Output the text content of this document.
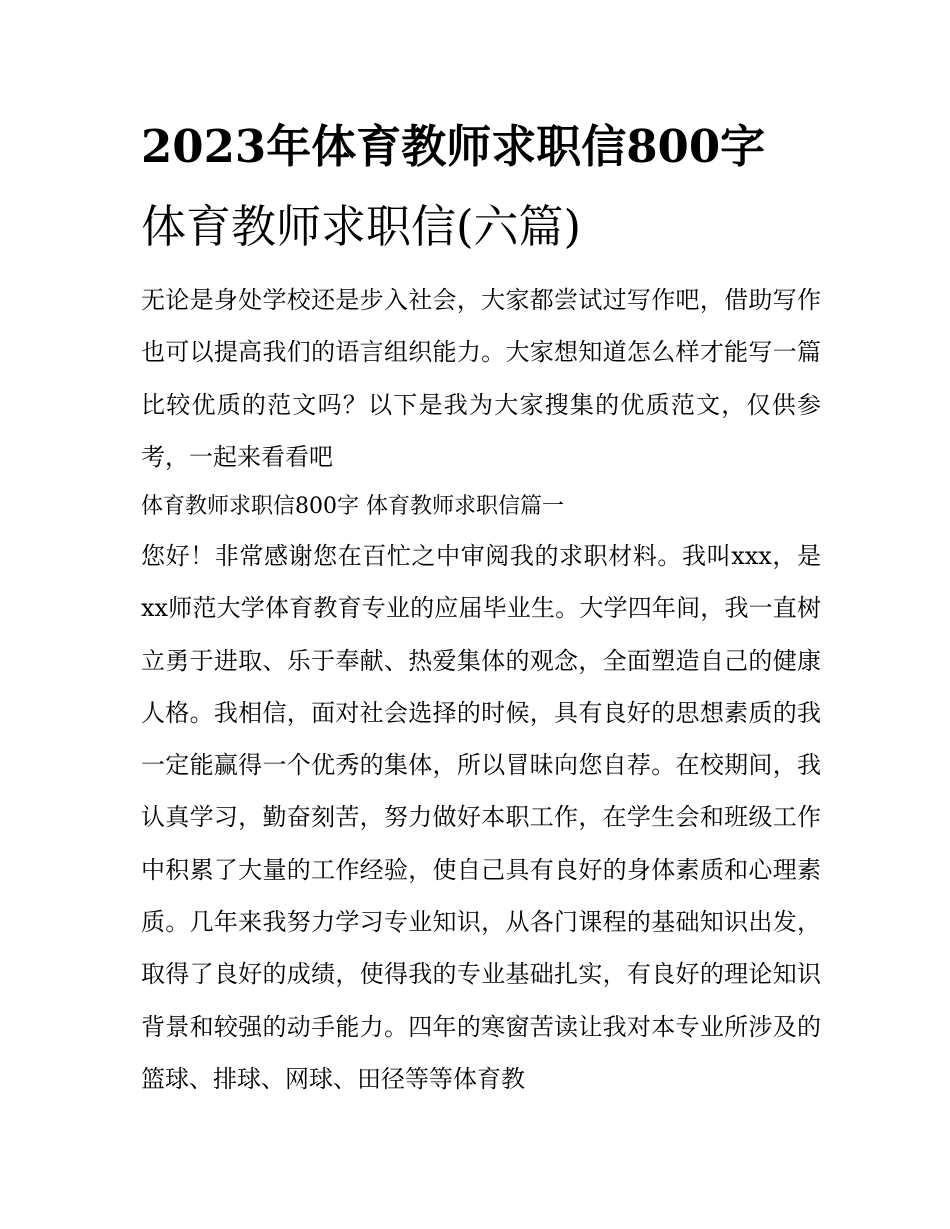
2023年体育教师求职信800字
体育教师求职信(六篇)

无论是身处学校还是步入社会，大家都尝试过写作吧，借助写作也可以提高我们的语言组织能力。大家想知道怎么样才能写一篇比较优质的范文吗？以下是我为大家搜集的优质范文，仅供参考，一起来看看吧

体育教师求职信800字 体育教师求职信篇一

您好！非常感谢您在百忙之中审阅我的求职材料。我叫xxx，是xx师范大学体育教育专业的应届毕业生。大学四年间，我一直树立勇于进取、乐于奉献、热爱集体的观念，全面塑造自己的健康人格。我相信，面对社会选择的时候，具有良好的思想素质的我一定能赢得一个优秀的集体，所以冒昧向您自荐。在校期间，我认真学习，勤奋刻苦，努力做好本职工作，在学生会和班级工作中积累了大量的工作经验，使自己具有良好的身体素质和心理素质。几年来我努力学习专业知识，从各门课程的基础知识出发，取得了良好的成绩，使得我的专业基础扎实，有良好的理论知识背景和较强的动手能力。四年的寒窗苦读让我对本专业所涉及的篮球、排球、网球、田径等等体育教
